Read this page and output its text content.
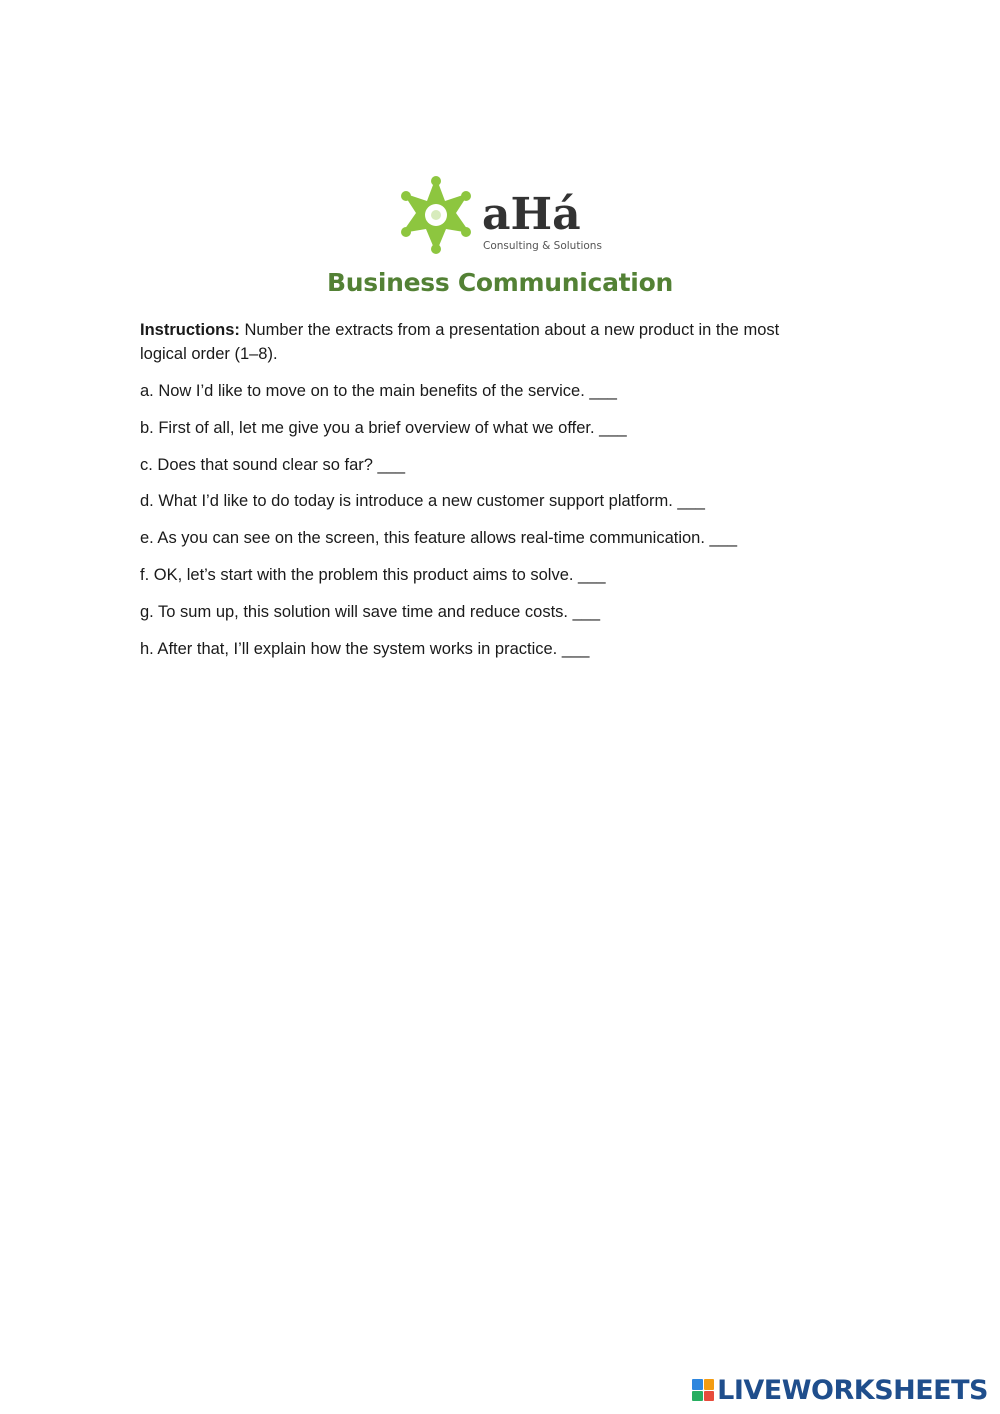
aHá
Consulting & Solutions
Business Communication

Instructions: Number the extracts from a presentation about a new product in the most logical order (1–8).

a. Now I’d like to move on to the main benefits of the service. ___
b. First of all, let me give you a brief overview of what we offer. ___
c. Does that sound clear so far? ___
d. What I’d like to do today is introduce a new customer support platform. ___
e. As you can see on the screen, this feature allows real-time communication. ___
f. OK, let’s start with the problem this product aims to solve. ___
g. To sum up, this solution will save time and reduce costs. ___
h. After that, I’ll explain how the system works in practice. ___
LIVEWORKSHEETS
